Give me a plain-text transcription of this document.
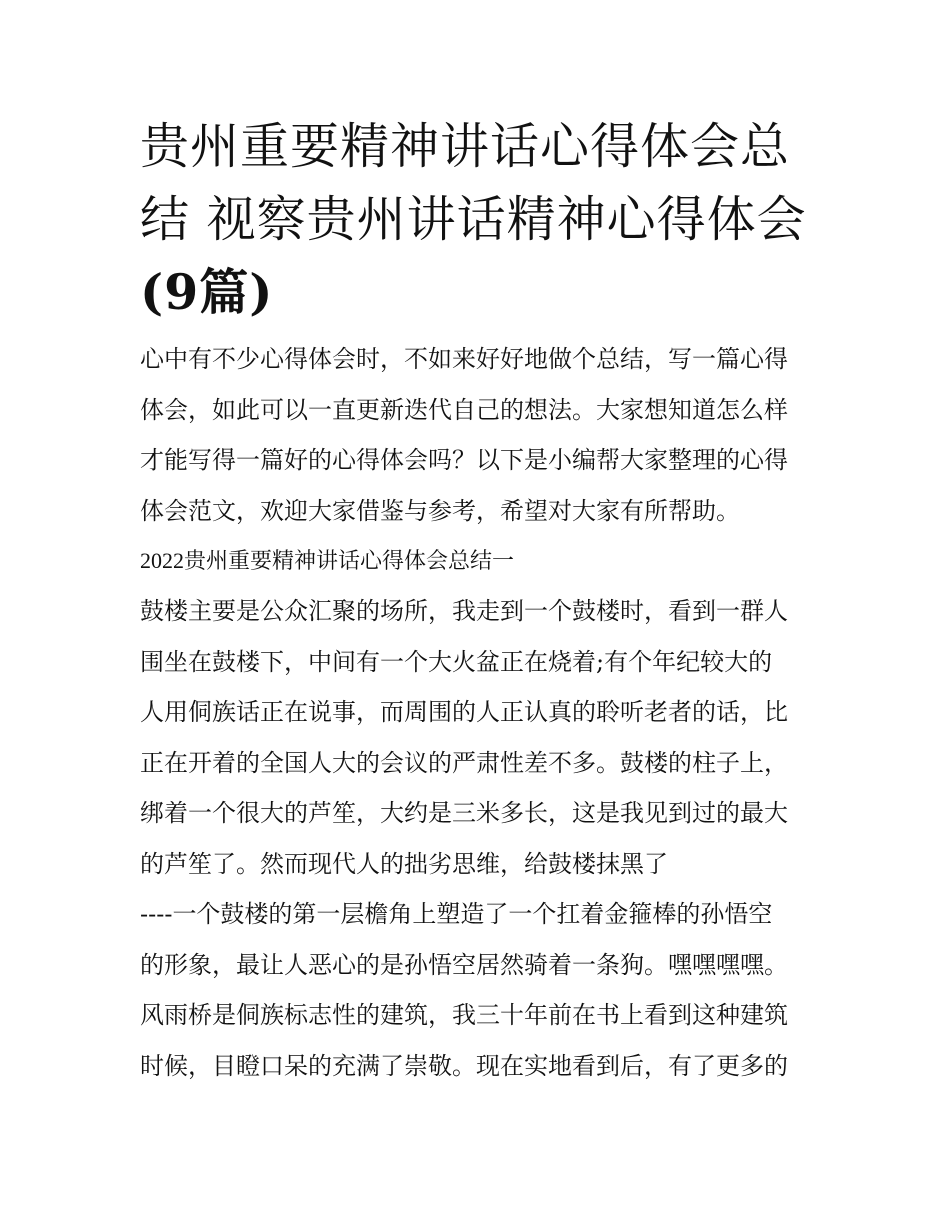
贵州重要精神讲话心得体会总
结 视察贵州讲话精神心得体会
(9篇)
心中有不少心得体会时，不如来好好地做个总结，写一篇心得
体会，如此可以一直更新迭代自己的想法。大家想知道怎么样
才能写得一篇好的心得体会吗？以下是小编帮大家整理的心得
体会范文，欢迎大家借鉴与参考，希望对大家有所帮助。
2022贵州重要精神讲话心得体会总结一
鼓楼主要是公众汇聚的场所，我走到一个鼓楼时，看到一群人
围坐在鼓楼下，中间有一个大火盆正在烧着;有个年纪较大的
人用侗族话正在说事，而周围的人正认真的聆听老者的话，比
正在开着的全国人大的会议的严肃性差不多。鼓楼的柱子上，
绑着一个很大的芦笙，大约是三米多长，这是我见到过的最大
的芦笙了。然而现代人的拙劣思维，给鼓楼抹黑了
----一个鼓楼的第一层檐角上塑造了一个扛着金箍棒的孙悟空
的形象，最让人恶心的是孙悟空居然骑着一条狗。嘿嘿嘿嘿。
风雨桥是侗族标志性的建筑，我三十年前在书上看到这种建筑
时候，目瞪口呆的充满了崇敬。现在实地看到后，有了更多的
